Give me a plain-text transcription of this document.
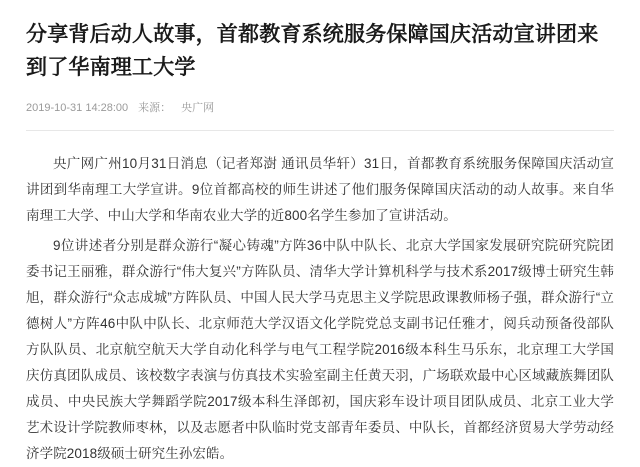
分享背后动人故事，首都教育系统服务保障国庆活动宣讲团来到了华南理工大学
2019-10-31 14:28:00 来源： 央广网

央广网广州10月31日消息（记者郑澍 通讯员华轩）31日，首都教育系统服务保障国庆活动宣讲团到华南理工大学宣讲。9位首都高校的师生讲述了他们服务保障国庆活动的动人故事。来自华南理工大学、中山大学和华南农业大学的近800名学生参加了宣讲活动。

9位讲述者分别是群众游行“凝心铸魂”方阵36中队中队长、北京大学国家发展研究院研究院团委书记王丽雅，群众游行“伟大复兴”方阵队员、清华大学计算机科学与技术系2017级博士研究生韩旭，群众游行“众志成城”方阵队员、中国人民大学马克思主义学院思政课教师杨子强，群众游行“立德树人”方阵46中队中队长、北京师范大学汉语文化学院党总支副书记任雅才，阅兵动预备役部队方队队员、北京航空航天大学自动化科学与电气工程学院2016级本科生马乐东，北京理工大学国庆仿真团队成员、该校数字表演与仿真技术实验室副主任黄天羽，广场联欢最中心区域藏族舞团队成员、中央民族大学舞蹈学院2017级本科生泽郎初，国庆彩车设计项目团队成员、北京工业大学艺术设计学院教师枣林，以及志愿者中队临时党支部青年委员、中队长，首都经济贸易大学劳动经济学院2018级硕士研究生孙宏皓。
